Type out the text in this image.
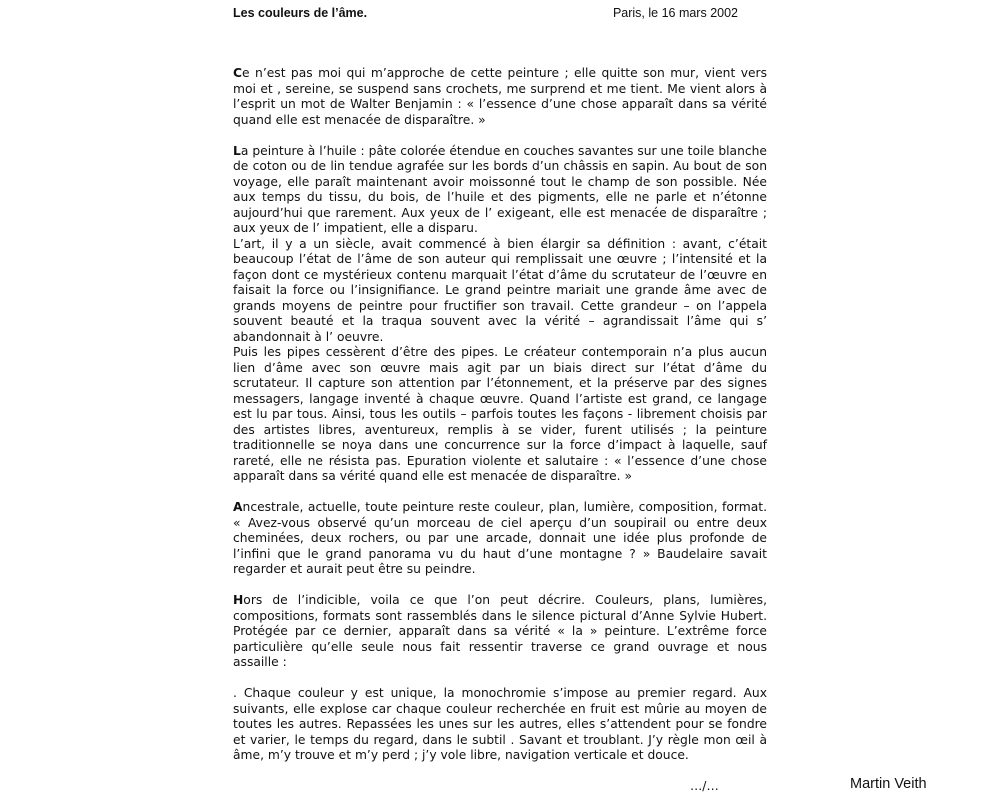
Les couleurs de l’âme.	Paris, le 16 mars 2002

Ce n’est pas moi qui m’approche de cette peinture ; elle quitte son mur, vient vers moi et , sereine, se suspend sans crochets, me surprend et me tient. Me vient alors à l’esprit un mot de Walter Benjamin : « l’essence d’une chose apparaît dans sa vérité quand elle est menacée de disparaître. »

La peinture à l’huile : pâte colorée étendue en couches savantes sur une toile blanche de coton ou de lin tendue agrafée sur les bords d’un châssis en sapin. Au bout de son voyage, elle paraît maintenant avoir moissonné tout le champ de son possible. Née aux temps du tissu, du bois, de l’huile et des pigments, elle ne parle et n’étonne aujourd’hui que rarement. Aux yeux de l’ exigeant, elle est menacée de disparaître ; aux yeux de l’ impatient, elle a disparu.

L’art, il y a un siècle, avait commencé à bien élargir sa définition : avant, c’était beaucoup l’état de l’âme de son auteur qui remplissait une œuvre ; l’intensité et la façon dont ce mystérieux contenu marquait l’état d’âme du scrutateur de l’œuvre en faisait la force ou l’insignifiance. Le grand peintre mariait une grande âme avec de grands moyens de peintre pour fructifier son travail. Cette grandeur – on l’appela souvent beauté et la traqua souvent avec la vérité – agrandissait l’âme qui s’ abandonnait à l’ oeuvre.

Puis les pipes cessèrent d’être des pipes. Le créateur contemporain n’a plus aucun lien d’âme avec son œuvre mais agit par un biais direct sur l’état d’âme du scrutateur. Il capture son attention par l’étonnement, et la préserve par des signes messagers, langage inventé à chaque œuvre. Quand l’artiste est grand, ce langage est lu par tous. Ainsi, tous les outils – parfois toutes les façons - librement choisis par des artistes libres, aventureux, remplis à se vider, furent utilisés ; la peinture traditionnelle se noya dans une concurrence sur la force d’impact à laquelle, sauf rareté, elle ne résista pas. Epuration violente et salutaire : « l’essence d’une chose apparaît dans sa vérité quand elle est menacée de disparaître. »

Ancestrale, actuelle, toute peinture reste couleur, plan, lumière, composition, format. « Avez-vous observé qu’un morceau de ciel aperçu d’un soupirail ou entre deux cheminées, deux rochers, ou par une arcade, donnait une idée plus profonde de l’infini que le grand panorama vu du haut d’une montagne ? » Baudelaire savait regarder et aurait peut être su peindre.

Hors de l’indicible, voila ce que l’on peut décrire. Couleurs, plans, lumières, compositions, formats sont rassemblés dans le silence pictural d’Anne Sylvie Hubert. Protégée par ce dernier, apparaît dans sa vérité « la » peinture. L’extrême force particulière qu’elle seule nous fait ressentir traverse ce grand ouvrage et nous assaille :

. Chaque couleur y est unique, la monochromie s’impose au premier regard. Aux suivants, elle explose car chaque couleur recherchée en fruit est mûrie au moyen de toutes les autres. Repassées les unes sur les autres, elles s’attendent pour se fondre et varier, le temps du regard, dans le subtil . Savant et troublant. J’y règle mon œil à âme, m’y trouve et m’y perd ; j’y vole libre, navigation verticale et douce.

…/…	Martin Veith
